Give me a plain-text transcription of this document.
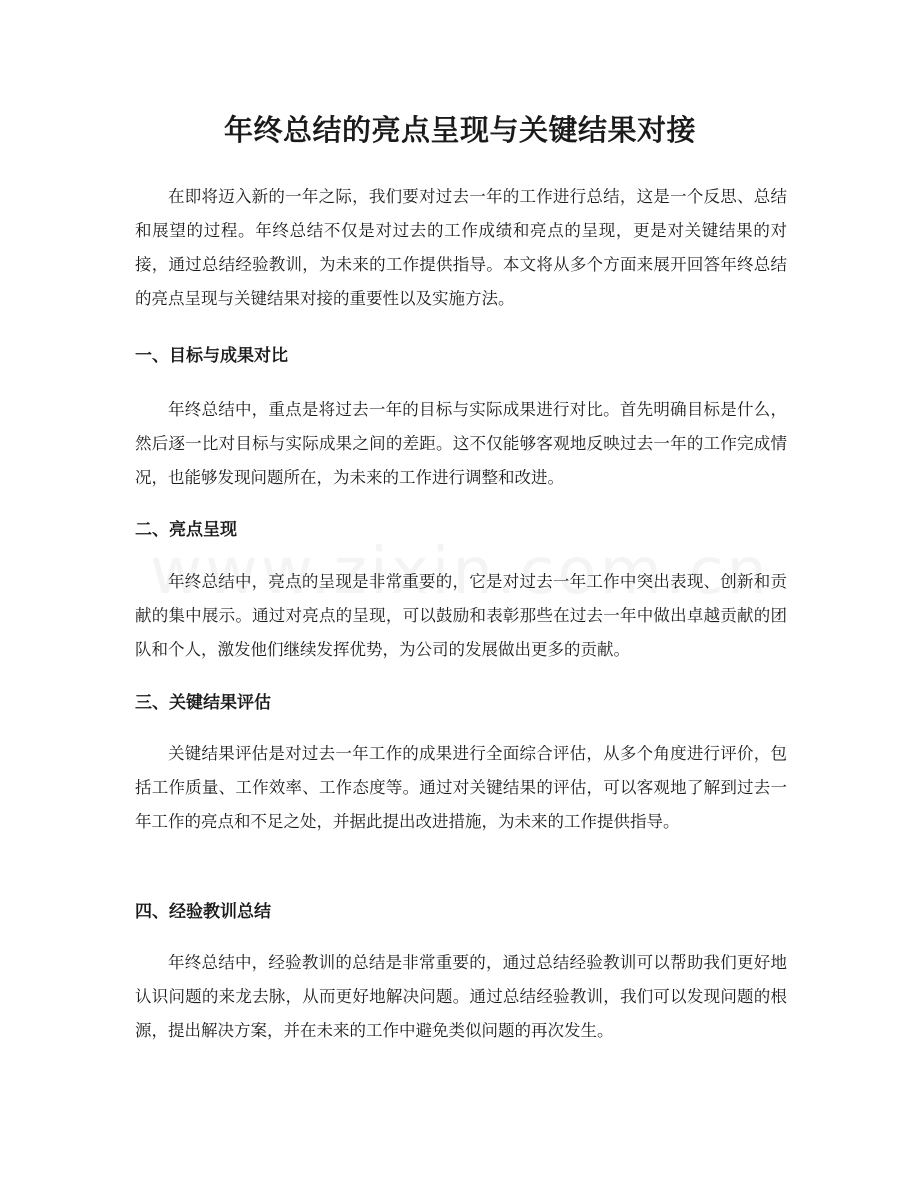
年终总结的亮点呈现与关键结果对接

在即将迈入新的一年之际，我们要对过去一年的工作进行总结，这是一个反思、总结和展望的过程。年终总结不仅是对过去的工作成绩和亮点的呈现，更是对关键结果的对接，通过总结经验教训，为未来的工作提供指导。本文将从多个方面来展开回答年终总结的亮点呈现与关键结果对接的重要性以及实施方法。

一、目标与成果对比

年终总结中，重点是将过去一年的目标与实际成果进行对比。首先明确目标是什么，然后逐一比对目标与实际成果之间的差距。这不仅能够客观地反映过去一年的工作完成情况，也能够发现问题所在，为未来的工作进行调整和改进。

二、亮点呈现

年终总结中，亮点的呈现是非常重要的，它是对过去一年工作中突出表现、创新和贡献的集中展示。通过对亮点的呈现，可以鼓励和表彰那些在过去一年中做出卓越贡献的团队和个人，激发他们继续发挥优势，为公司的发展做出更多的贡献。

三、关键结果评估

关键结果评估是对过去一年工作的成果进行全面综合评估，从多个角度进行评价，包括工作质量、工作效率、工作态度等。通过对关键结果的评估，可以客观地了解到过去一年工作的亮点和不足之处，并据此提出改进措施，为未来的工作提供指导。

四、经验教训总结

年终总结中，经验教训的总结是非常重要的，通过总结经验教训可以帮助我们更好地认识问题的来龙去脉，从而更好地解决问题。通过总结经验教训，我们可以发现问题的根源，提出解决方案，并在未来的工作中避免类似问题的再次发生。
